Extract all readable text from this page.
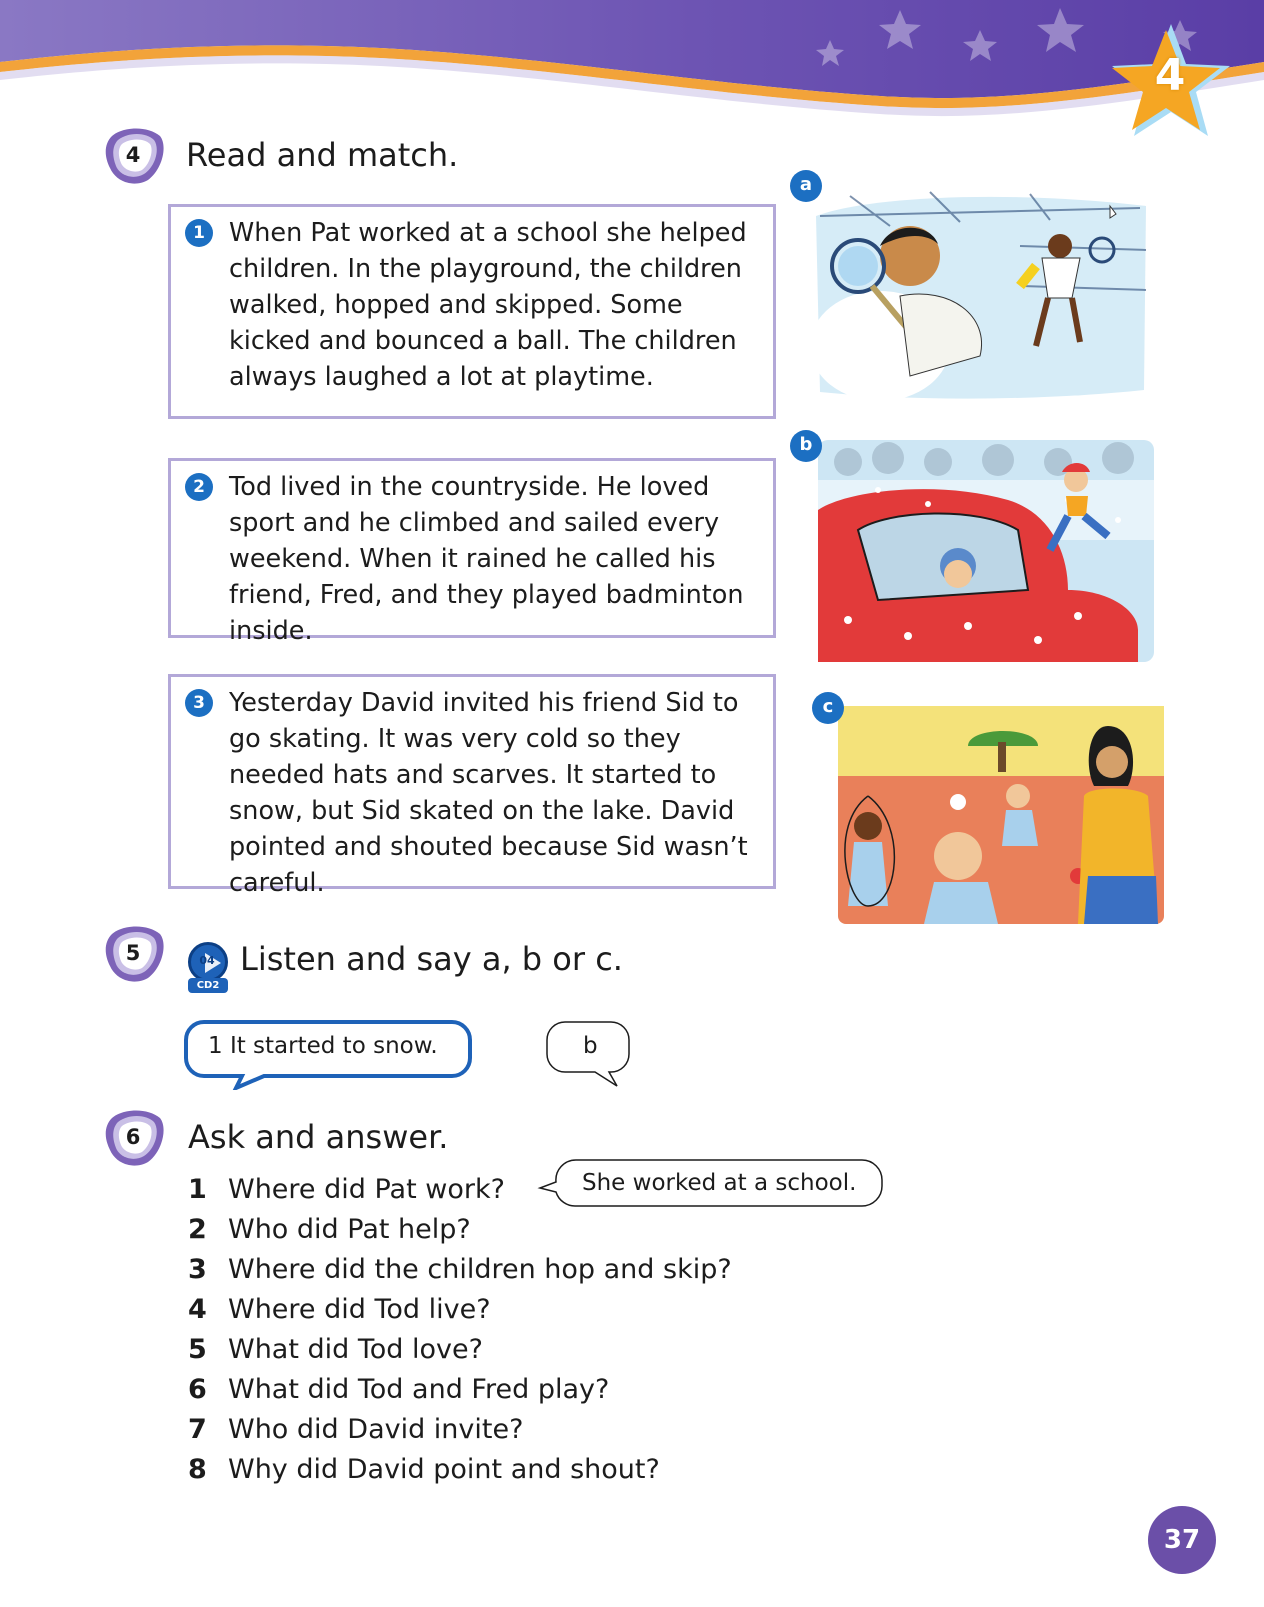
4
4	Read and match.
1 When Pat worked at a school she helped children. In the playground, the children walked, hopped and skipped. Some kicked and bounced a ball. The children always laughed a lot at playtime.

2 Tod lived in the countryside. He loved sport and he climbed and sailed every weekend. When it rained he called his friend, Fred, and they played badminton inside.

3 Yesterday David invited his friend Sid to go skating. It was very cold so they needed hats and scarves. It started to snow, but Sid skated on the lake. David pointed and shouted because Sid wasn’t careful.

a
b
c
5	04
CD2
Listen and say a, b or c.
1 It started to snow.	b
6	Ask and answer.
1 Where did Pat work?
2 Who did Pat help?
3 Where did the children hop and skip?
4 Where did Tod live?
5 What did Tod love?
6 What did Tod and Fred play?
7 Who did David invite?
8 Why did David point and shout?
She worked at a school.
37
